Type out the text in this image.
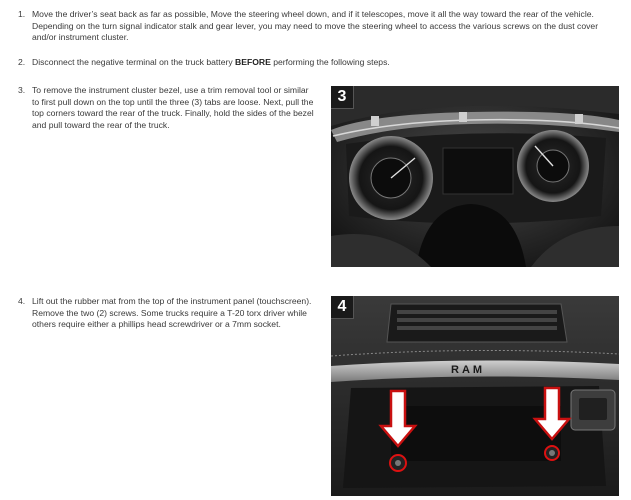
1. Move the driver’s seat back as far as possible, Move the steering wheel down, and if it telescopes, move it all the way toward the rear of the vehicle. Depending on the turn signal indicator stalk and gear lever, you may need to move the steering wheel to access the various screws on the dust cover and/or instrument cluster.
2. Disconnect the negative terminal on the truck battery BEFORE performing the following steps.
3. To remove the instrument cluster bezel, use a trim removal tool or similar to first pull down on the top until the three (3) tabs are loose. Next, pull the top corners toward the rear of the truck. Finally, hold the sides of the bezel and pull toward the rear of the truck.
4. Lift out the rubber mat from the top of the instrument panel (touchscreen). Remove the two (2) screws. Some trucks require a T-20 torx driver while others require either a phillips head screwdriver or a 7mm socket.
3
RAM
4
